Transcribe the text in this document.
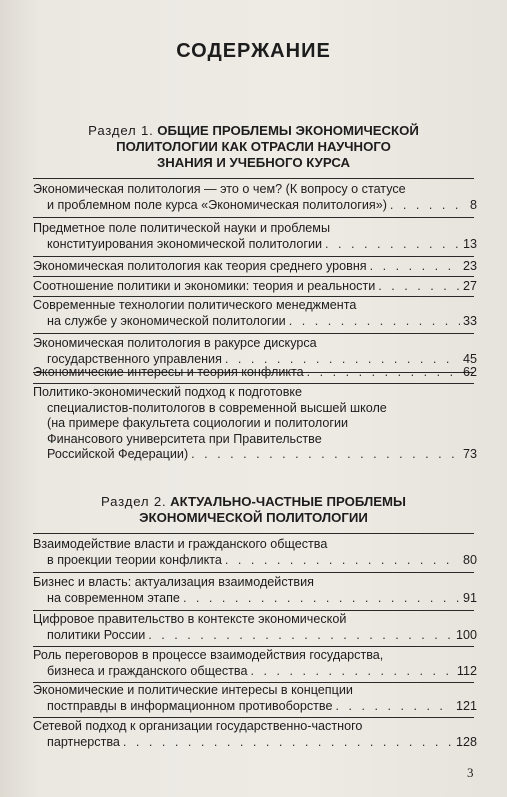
СОДЕРЖАНИЕ
Раздел 1. ОБЩИЕ ПРОБЛЕМЫ ЭКОНОМИЧЕСКОЙ
ПОЛИТОЛОГИИ КАК ОТРАСЛИ НАУЧНОГО
ЗНАНИЯ И УЧЕБНОГО КУРСА
Экономическая политология — это о чем? (К вопросу о статусе
и проблемном поле курса «Экономическая политология») . . .	8
Предметное поле политической науки и проблемы
конституирования экономической политологии . . .	13
Экономическая политология как теория среднего уровня . . .	23
Соотношение политики и экономики: теория и реальности . . .	27
Современные технологии политического менеджмента
на службе у экономической политологии . . .	33
Экономическая политология в ракурсе дискурса
государственного управления . . .	45
Экономические интересы и теория конфликта . . .	62
Политико-экономический подход к подготовке
специалистов-политологов в современной высшей школе
(на примере факультета социологии и политологии
Финансового университета при Правительстве
Российской Федерации) . . .	73
Раздел 2. АКТУАЛЬНО-ЧАСТНЫЕ ПРОБЛЕМЫ
ЭКОНОМИЧЕСКОЙ ПОЛИТОЛОГИИ
Взаимодействие власти и гражданского общества
в проекции теории конфликта . . .	80
Бизнес и власть: актуализация взаимодействия
на современном этапе . . .	91
Цифровое правительство в контексте экономической
политики России . . .	100
Роль переговоров в процессе взаимодействия государства,
бизнеса и гражданского общества . . .	112
Экономические и политические интересы в концепции
постправды в информационном противоборстве . . .	121
Сетевой подход к организации государственно-частного
партнерства . . .	128
3
